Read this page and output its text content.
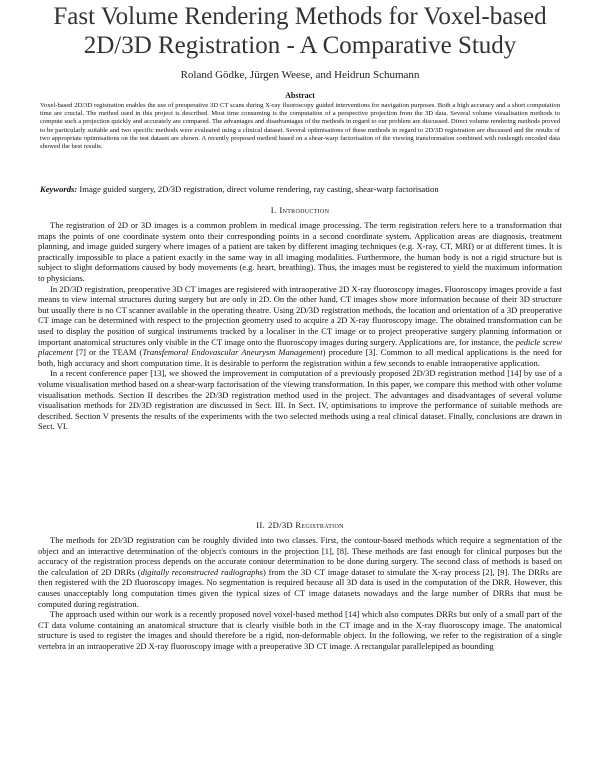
Fast Volume Rendering Methods for Voxel-based
2D/3D Registration - A Comparative Study

Roland Gödke, Jürgen Weese, and Heidrun Schumann

Abstract

Voxel-based 2D/3D registration enables the use of preoperative 3D CT scans during X-ray fluoroscopy guided interventions for navigation purposes. Both a high accuracy and a short computation time are crucial. The method used in this project is described. Most time consuming is the computation of a perspective projection from the 3D data. Several volume visualisation methods to compute such a projection quickly and accurately are compared. The advantages and disadvantages of the methods in regard to our problem are discussed. Direct volume rendering methods proved to be particularly suitable and two specific methods were evaluated using a clinical dataset. Several optimisations of these methods in regard to 2D/3D registration are discussed and the results of two appropriate optimisations on the test dataset are shown. A recently proposed method based on a shear-warp factorisation of the viewing transformation combined with runlength encoded data showed the best results.

Keywords: Image guided surgery, 2D/3D registration, direct volume rendering, ray casting, shear-warp factorisation

I. Introduction

The registration of 2D or 3D images is a common problem in medical image processing. The term registration refers here to a transformation that maps the points of one coordinate system onto their corresponding points in a second coordinate system. Application areas are diagnosis, treatment planning, and image guided surgery where images of a patient are taken by different imaging techniques (e.g. X-ray, CT, MRI) or at different times. It is practically impossible to place a patient exactly in the same way in all imaging modalities. Furthermore, the human body is not a rigid structure but is subject to slight deformations caused by body movements (e.g. heart, breathing). Thus, the images must be registered to yield the maximum information to physicians.

In 2D/3D registration, preoperative 3D CT images are registered with intraoperative 2D X-ray fluoroscopy images. Fluoroscopy images provide a fast means to view internal structures during surgery but are only in 2D. On the other hand, CT images show more information because of their 3D structure but usually there is no CT scanner available in the operating theatre. Using 2D/3D registration methods, the location and orientation of a 3D preoperative CT image can be determined with respect to the projection geometry used to acquire a 2D X-ray fluoroscopy image. The obtained transformation can be used to display the position of surgical instruments tracked by a localiser in the CT image or to project preoperative surgery planning information or important anatomical structures only visible in the CT image onto the fluoroscopy images during surgery. Applications are, for instance, the pedicle screw placement [7] or the TEAM (Transfemoral Endovascular Aneurysm Management) procedure [3]. Common to all medical applications is the need for both, high accuracy and short computation time. It is desirable to perform the registration within a few seconds to enable intraoperative application.

In a recent conference paper [13], we showed the improvement in computation of a previously proposed 2D/3D registration method [14] by use of a volume visualisation method based on a shear-warp factorisation of the viewing transformation. In this paper, we compare this method with other volume visualisation methods. Section II describes the 2D/3D registration method used in the project. The advantages and disadvantages of several volume visualisation methods for 2D/3D registration are discussed in Sect. III. In Sect. IV, optimisations to improve the performance of suitable methods are described. Section V presents the results of the experiments with the two selected methods using a real clinical dataset. Finally, conclusions are drawn in Sect. VI.

II. 2D/3D Registration

The methods for 2D/3D registration can be roughly divided into two classes. First, the contour-based methods which require a segmentation of the object and an interactive determination of the object's contours in the projection [1], [8]. These methods are fast enough for clinical purposes but the accuracy of the registration process depends on the accurate contour determination to be done during surgery. The second class of methods is based on the calculation of 2D DRRs (digitally reconstructed radiographs) from the 3D CT image dataset to simulate the X-ray process [2], [9]. The DRRs are then registered with the 2D fluoroscopy images. No segmentation is required because all 3D data is used in the computation of the DRR. However, this causes unacceptably long computation times given the typical sizes of CT image datasets nowadays and the large number of DRRs that must be computed during registration.

The approach used within our work is a recently proposed novel voxel-based method [14] which also computes DRRs but only of a small part of the CT data volume containing an anatomical structure that is clearly visible both in the CT image and in the X-ray fluoroscopy image. The anatomical structure is used to register the images and should therefore be a rigid, non-deformable object. In the following, we refer to the registration of a single vertebra in an intraoperative 2D X-ray fluoroscopy image with a preoperative 3D CT image. A rectangular parallelepiped as bounding
